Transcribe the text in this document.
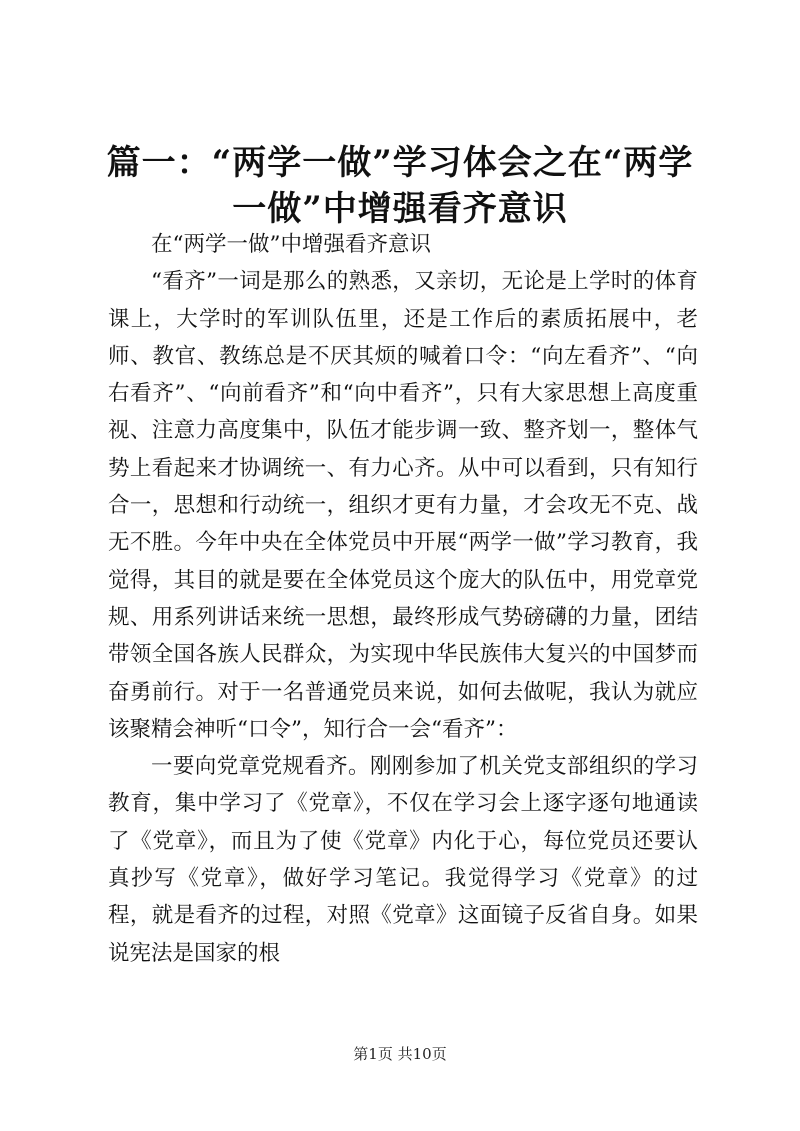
篇一：“两学一做”学习体会之在“两学一做”中增强看齐意识

在“两学一做”中增强看齐意识

“看齐”一词是那么的熟悉，又亲切，无论是上学时的体育课上，大学时的军训队伍里，还是工作后的素质拓展中，老师、教官、教练总是不厌其烦的喊着口令：“向左看齐”、“向右看齐”、“向前看齐”和“向中看齐”，只有大家思想上高度重视、注意力高度集中，队伍才能步调一致、整齐划一，整体气势上看起来才协调统一、有力心齐。从中可以看到，只有知行合一，思想和行动统一，组织才更有力量，才会攻无不克、战无不胜。今年中央在全体党员中开展“两学一做”学习教育，我觉得，其目的就是要在全体党员这个庞大的队伍中，用党章党规、用系列讲话来统一思想，最终形成气势磅礴的力量，团结带领全国各族人民群众，为实现中华民族伟大复兴的中国梦而奋勇前行。对于一名普通党员来说，如何去做呢，我认为就应该聚精会神听“口令”，知行合一会“看齐”：

一要向党章党规看齐。刚刚参加了机关党支部组织的学习教育，集中学习了《党章》，不仅在学习会上逐字逐句地通读了《党章》，而且为了使《党章》内化于心，每位党员还要认真抄写《党章》，做好学习笔记。我觉得学习《党章》的过程，就是看齐的过程，对照《党章》这面镜子反省自身。如果说宪法是国家的根

第1页 共10页
